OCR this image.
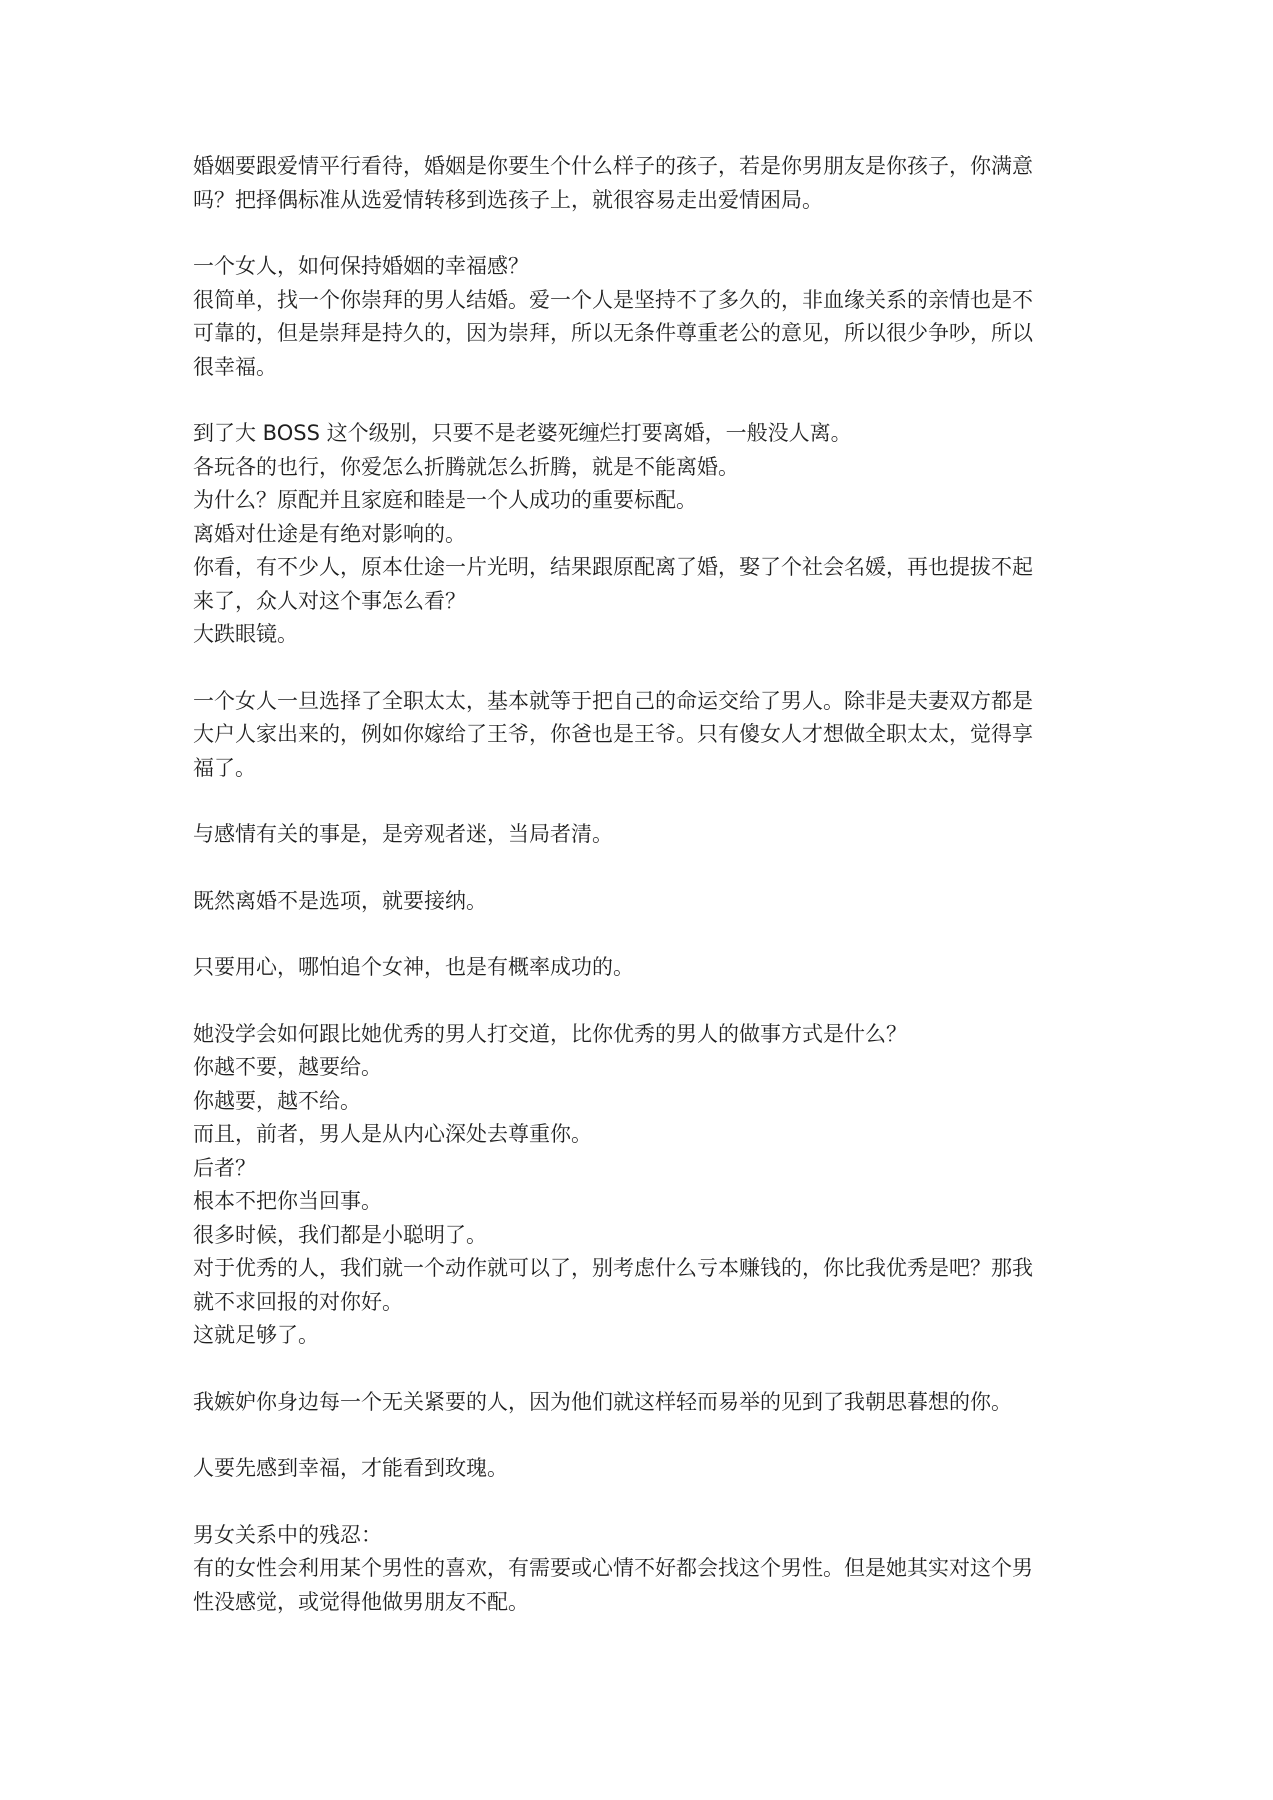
婚姻要跟爱情平行看待，婚姻是你要生个什么样子的孩子，若是你男朋友是你孩子，你满意
吗？把择偶标准从选爱情转移到选孩子上，就很容易走出爱情困局。
一个女人，如何保持婚姻的幸福感？
很简单，找一个你崇拜的男人结婚。爱一个人是坚持不了多久的，非血缘关系的亲情也是不
可靠的，但是崇拜是持久的，因为崇拜，所以无条件尊重老公的意见，所以很少争吵，所以
很幸福。
到了大 BOSS 这个级别，只要不是老婆死缠烂打要离婚，一般没人离。
各玩各的也行，你爱怎么折腾就怎么折腾，就是不能离婚。
为什么？原配并且家庭和睦是一个人成功的重要标配。
离婚对仕途是有绝对影响的。
你看，有不少人，原本仕途一片光明，结果跟原配离了婚，娶了个社会名媛，再也提拔不起
来了，众人对这个事怎么看？
大跌眼镜。
一个女人一旦选择了全职太太，基本就等于把自己的命运交给了男人。除非是夫妻双方都是
大户人家出来的，例如你嫁给了王爷，你爸也是王爷。只有傻女人才想做全职太太，觉得享
福了。
与感情有关的事是，是旁观者迷，当局者清。
既然离婚不是选项，就要接纳。
只要用心，哪怕追个女神，也是有概率成功的。
她没学会如何跟比她优秀的男人打交道，比你优秀的男人的做事方式是什么？
你越不要，越要给。
你越要，越不给。
而且，前者，男人是从内心深处去尊重你。
后者？
根本不把你当回事。
很多时候，我们都是小聪明了。
对于优秀的人，我们就一个动作就可以了，别考虑什么亏本赚钱的，你比我优秀是吧？那我
就不求回报的对你好。
这就足够了。
我嫉妒你身边每一个无关紧要的人，因为他们就这样轻而易举的见到了我朝思暮想的你。
人要先感到幸福，才能看到玫瑰。
男女关系中的残忍：
有的女性会利用某个男性的喜欢，有需要或心情不好都会找这个男性。但是她其实对这个男
性没感觉，或觉得他做男朋友不配。
